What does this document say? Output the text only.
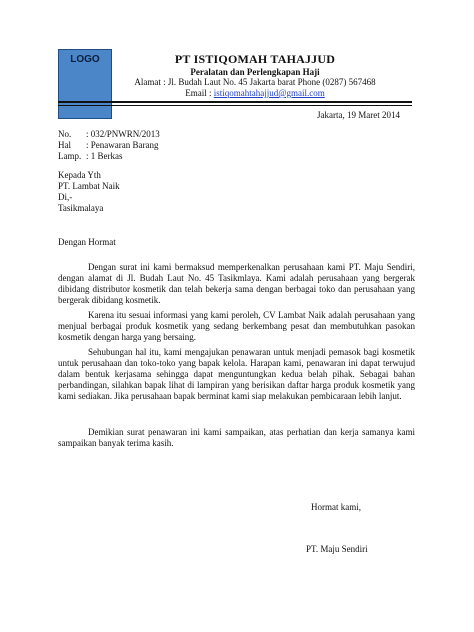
LOGO	PT ISTIQOMAH TAHAJJUD
Peralatan dan Perlengkapan Haji
Alamat : Jl. Budah Laut No. 45 Jakarta barat Phone (0287) 567468
Email : istiqomahtahajjud@gmail.com
Jakarta, 19 Maret 2014
No. : 032/PNWRN/2013
Hal : Penawaran Barang
Lamp. : 1 Berkas
Kepada Yth
PT. Lambat Naik
Di,-
Tasikmalaya
Dengan Hormat

Dengan surat ini kami bermaksud memperkenalkan perusahaan kami PT. Maju Sendiri, dengan alamat di Jl. Budah Laut No. 45 Tasikmlaya. Kami adalah perusahaan yang bergerak dibidang distributor kosmetik dan telah bekerja sama dengan berbagai toko dan perusahaan yang bergerak dibidang kosmetik.

Karena itu sesuai informasi yang kami peroleh, CV Lambat Naik adalah perusahaan yang menjual berbagai produk kosmetik yang sedang berkembang pesat dan membutuhkan pasokan kosmetik dengan harga yang bersaing.

Sehubungan hal itu, kami mengajukan penawaran untuk menjadi pemasok bagi kosmetik untuk perusahaan dan toko-toko yang bapak kelola. Harapan kami, penawaran ini dapat terwujud dalam bentuk kerjasama sehingga dapat menguntungkan kedua belah pihak. Sebagai bahan perbandingan, silahkan bapak lihat di lampiran yang berisikan daftar harga produk kosmetik yang kami sediakan. Jika perusahaan bapak berminat kami siap melakukan pembicaraan lebih lanjut.

Demikian surat penawaran ini kami sampaikan, atas perhatian dan kerja samanya kami sampaikan banyak terima kasih.

Hormat kami,
PT. Maju Sendiri
